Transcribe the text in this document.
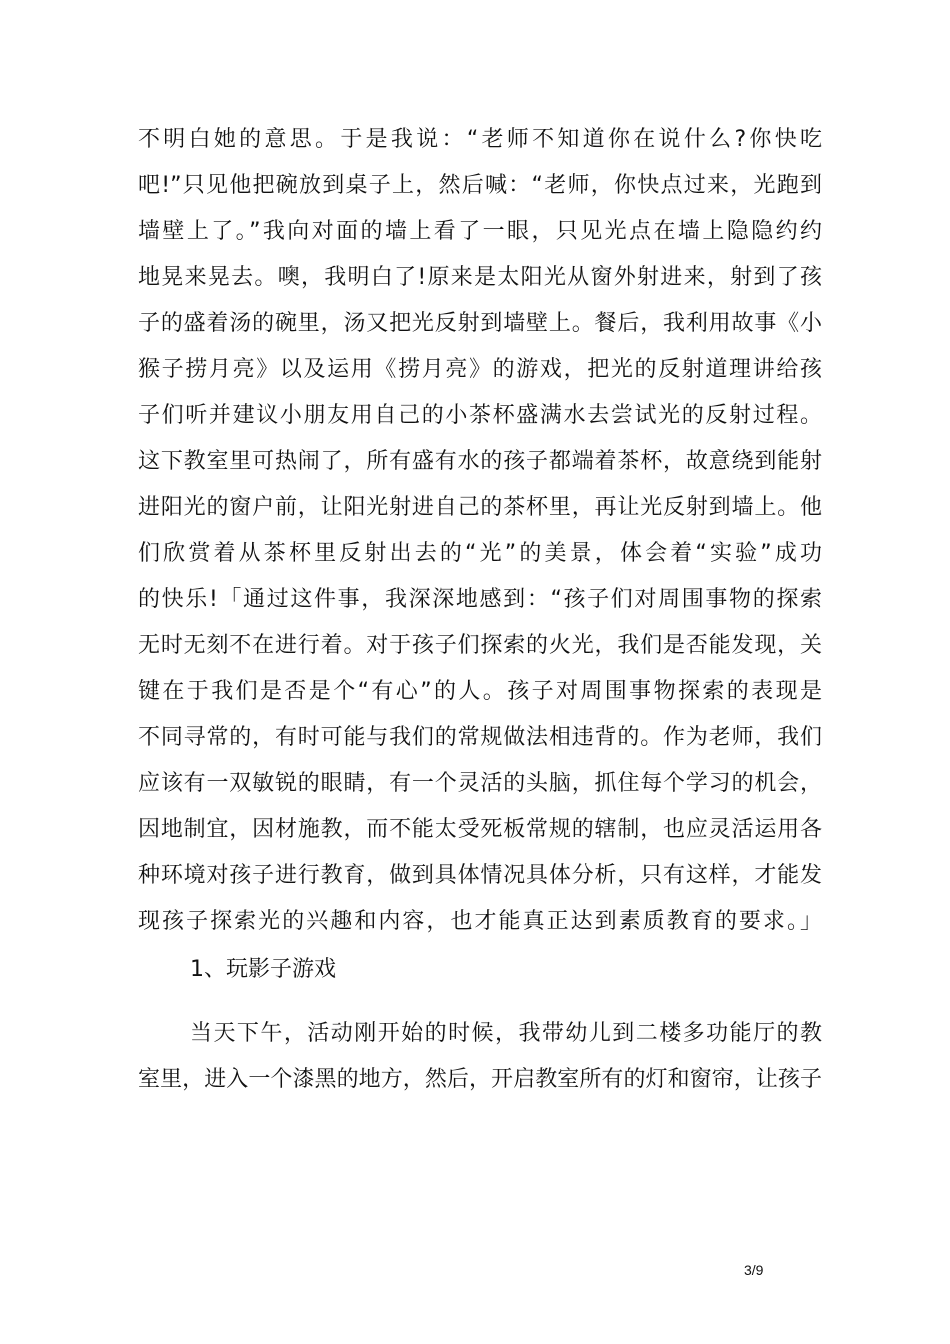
不明白她的意思。于是我说：“老师不知道你在说什么?你快吃
吧!”只见他把碗放到桌子上，然后喊：“老师，你快点过来，光跑到
墙壁上了。”我向对面的墙上看了一眼，只见光点在墙上隐隐约约
地晃来晃去。噢，我明白了!原来是太阳光从窗外射进来，射到了孩
子的盛着汤的碗里，汤又把光反射到墙壁上。餐后，我利用故事《小
猴子捞月亮》以及运用《捞月亮》的游戏，把光的反射道理讲给孩
子们听并建议小朋友用自己的小茶杯盛满水去尝试光的反射过程。
这下教室里可热闹了，所有盛有水的孩子都端着茶杯，故意绕到能射
进阳光的窗户前，让阳光射进自己的茶杯里，再让光反射到墙上。他
们欣赏着从茶杯里反射出去的“光”的美景，体会着“实验”成功
的快乐!「通过这件事，我深深地感到：“孩子们对周围事物的探索
无时无刻不在进行着。对于孩子们探索的火光，我们是否能发现，关
键在于我们是否是个“有心”的人。孩子对周围事物探索的表现是
不同寻常的，有时可能与我们的常规做法相违背的。作为老师，我们
应该有一双敏锐的眼睛，有一个灵活的头脑，抓住每个学习的机会，
因地制宜，因材施教，而不能太受死板常规的辖制，也应灵活运用各
种环境对孩子进行教育，做到具体情况具体分析，只有这样，才能发
现孩子探索光的兴趣和内容，也才能真正达到素质教育的要求。」
1、玩影子游戏
当天下午，活动刚开始的时候，我带幼儿到二楼多功能厅的教
室里，进入一个漆黑的地方，然后，开启教室所有的灯和窗帘，让孩子
3/9
